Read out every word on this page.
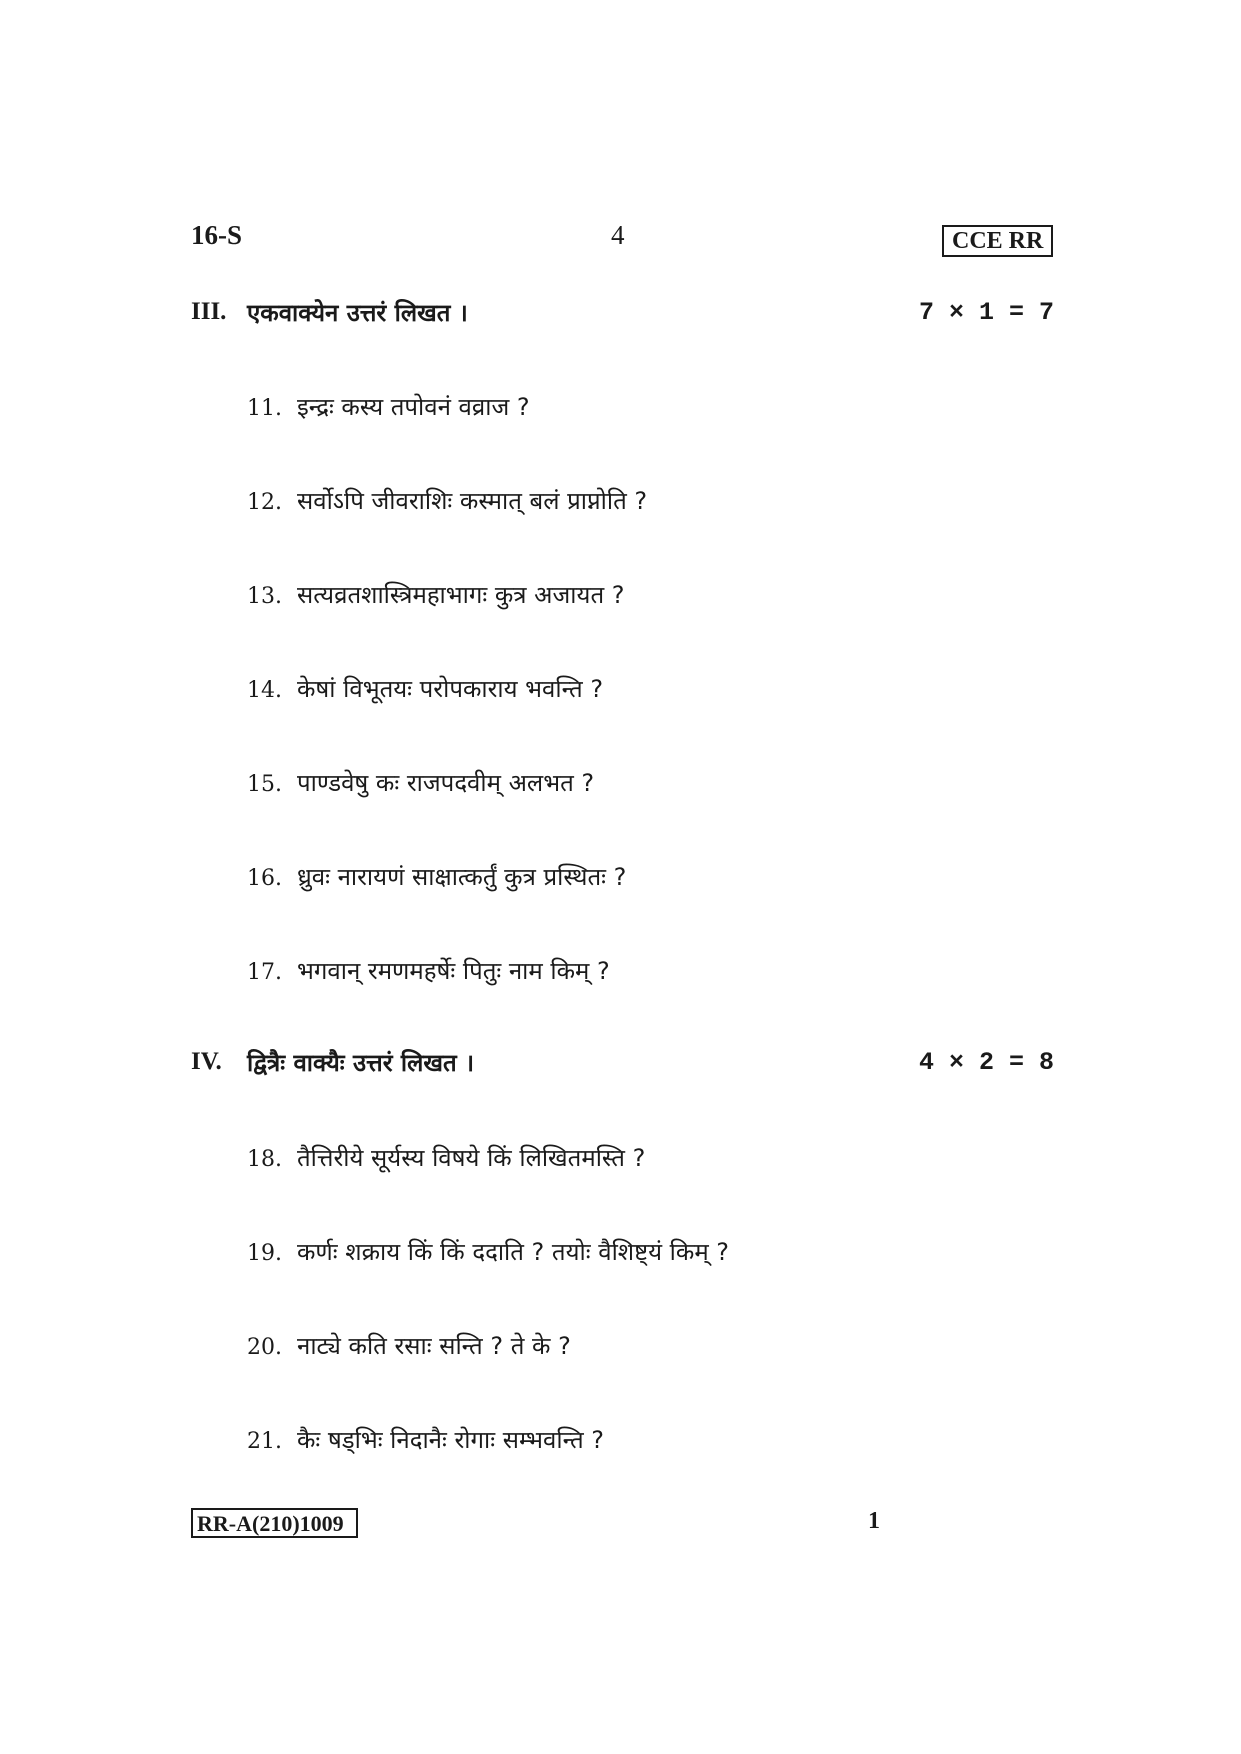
16-S	4	CCE RR
III. एकवाक्येन उत्तरं लिखत ।	7 × 1 = 7
11. इन्द्रः कस्य तपोवनं वव्राज ?
12. सर्वोऽपि जीवराशिः कस्मात् बलं प्राप्नोति ?
13. सत्यव्रतशास्त्रिमहाभागः कुत्र अजायत ?
14. केषां विभूतयः परोपकाराय भवन्ति ?
15. पाण्डवेषु कः राजपदवीम् अलभत ?
16. ध्रुवः नारायणं साक्षात्कर्तुं कुत्र प्रस्थितः ?
17. भगवान् रमणमहर्षेः पितुः नाम किम् ?
IV. द्वित्रैः वाक्यैः उत्तरं लिखत ।	4 × 2 = 8
18. तैत्तिरीये सूर्यस्य विषये किं लिखितमस्ति ?
19. कर्णः शक्राय किं किं ददाति ? तयोः वैशिष्ट्यं किम् ?
20. नाट्ये कति रसाः सन्ति ? ते के ?
21. कैः षड्भिः निदानैः रोगाः सम्भवन्ति ?
RR-A(210)1009	1
